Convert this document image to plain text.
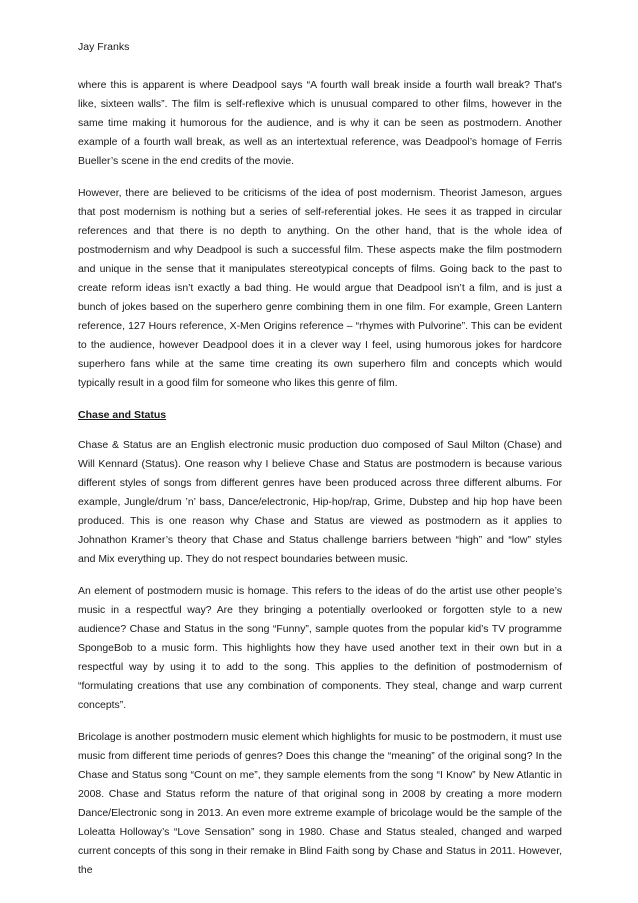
Jay Franks

where this is apparent is where Deadpool says “A fourth wall break inside a fourth wall break? That's like, sixteen walls”. The film is self-reflexive which is unusual compared to other films, however in the same time making it humorous for the audience, and is why it can be seen as postmodern. Another example of a fourth wall break, as well as an intertextual reference, was Deadpool’s homage of Ferris Bueller’s scene in the end credits of the movie.

However, there are believed to be criticisms of the idea of post modernism. Theorist Jameson, argues that post modernism is nothing but a series of self-referential jokes. He sees it as trapped in circular references and that there is no depth to anything. On the other hand, that is the whole idea of postmodernism and why Deadpool is such a successful film. These aspects make the film postmodern and unique in the sense that it manipulates stereotypical concepts of films. Going back to the past to create reform ideas isn’t exactly a bad thing. He would argue that Deadpool isn’t a film, and is just a bunch of jokes based on the superhero genre combining them in one film. For example, Green Lantern reference, 127 Hours reference, X-Men Origins reference – “rhymes with Pulvorine”. This can be evident to the audience, however Deadpool does it in a clever way I feel, using humorous jokes for hardcore superhero fans while at the same time creating its own superhero film and concepts which would typically result in a good film for someone who likes this genre of film.

Chase and Status

Chase & Status are an English electronic music production duo composed of Saul Milton (Chase) and Will Kennard (Status). One reason why I believe Chase and Status are postmodern is because various different styles of songs from different genres have been produced across three different albums. For example, Jungle/drum ’n’ bass, Dance/electronic, Hip-hop/rap, Grime, Dubstep and hip hop have been produced. This is one reason why Chase and Status are viewed as postmodern as it applies to Johnathon Kramer’s theory that Chase and Status challenge barriers between “high” and “low” styles and Mix everything up. They do not respect boundaries between music.

An element of postmodern music is homage. This refers to the ideas of do the artist use other people’s music in a respectful way? Are they bringing a potentially overlooked or forgotten style to a new audience? Chase and Status in the song “Funny”, sample quotes from the popular kid’s TV programme SpongeBob to a music form. This highlights how they have used another text in their own but in a respectful way by using it to add to the song. This applies to the definition of postmodernism of “formulating creations that use any combination of components. They steal, change and warp current concepts”.

Bricolage is another postmodern music element which highlights for music to be postmodern, it must use music from different time periods of genres? Does this change the “meaning” of the original song? In the Chase and Status song “Count on me”, they sample elements from the song “I Know” by New Atlantic in 2008. Chase and Status reform the nature of that original song in 2008 by creating a more modern Dance/Electronic song in 2013. An even more extreme example of bricolage would be the sample of the Loleatta Holloway’s “Love Sensation” song in 1980. Chase and Status stealed, changed and warped current concepts of this song in their remake in Blind Faith song by Chase and Status in 2011. However, the
